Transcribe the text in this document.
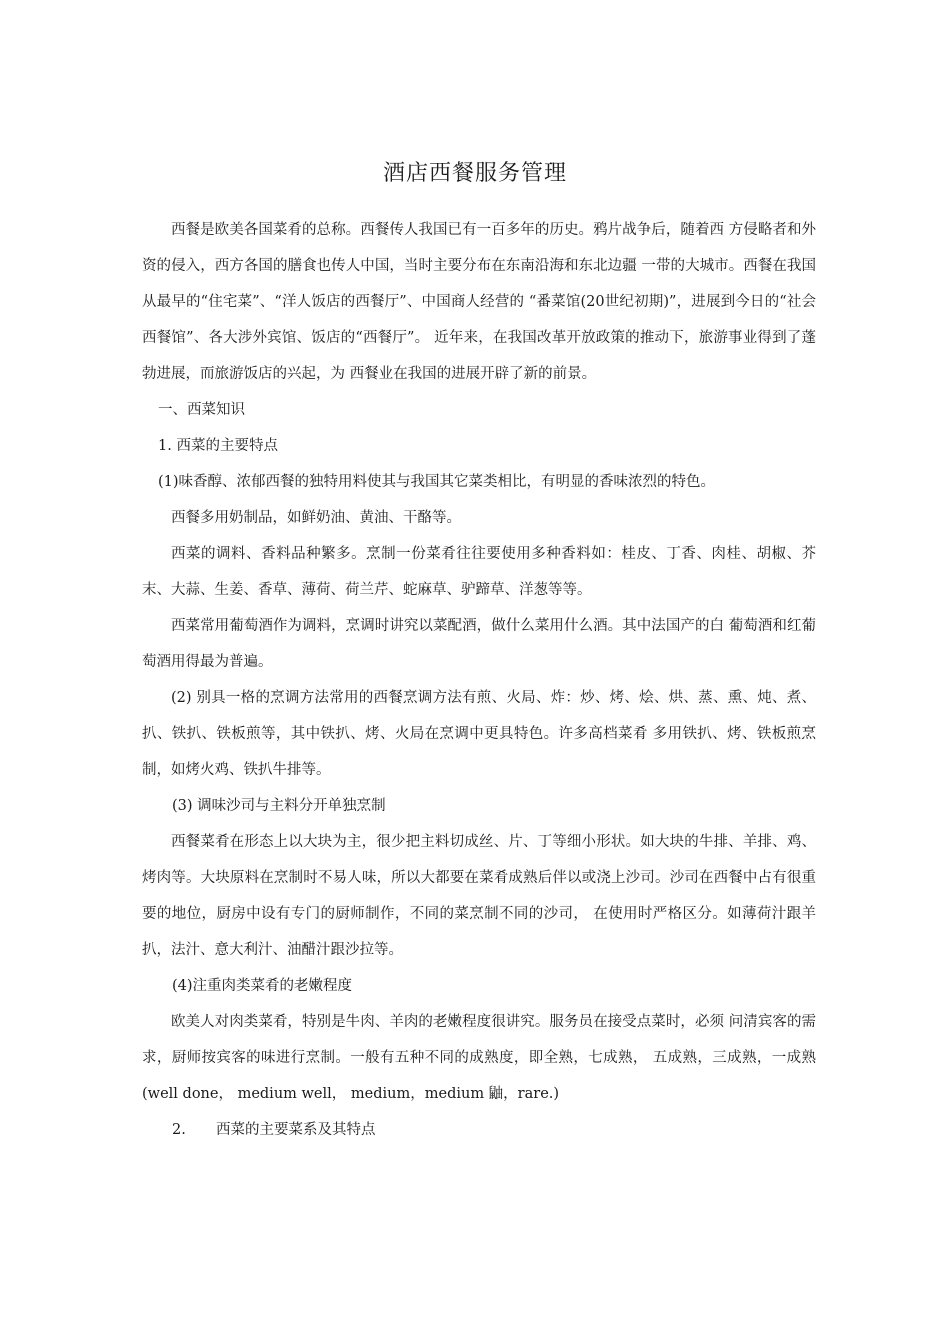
酒店西餐服务管理

西餐是欧美各国菜肴的总称。西餐传人我国已有一百多年的历史。鸦片战争后，随着西 方侵略者和外资的侵入，西方各国的膳食也传人中国，当时主要分布在东南沿海和东北边疆 一带的大城市。西餐在我国从最早的“住宅菜”、“洋人饭店的西餐厅”、中国商人经营的 “番菜馆(20世纪初期)”，进展到今日的“社会西餐馆”、各大涉外宾馆、饭店的“西餐厅”。 近年来，在我国改革开放政策的推动下，旅游事业得到了蓬勃进展，而旅游饭店的兴起，为 西餐业在我国的进展开辟了新的前景。

一、西菜知识

1. 西菜的主要特点

(1)味香醇、浓郁西餐的独特用料使其与我国其它菜类相比，有明显的香味浓烈的特色。

西餐多用奶制品，如鲜奶油、黄油、干酪等。

西菜的调料、香料品种繁多。烹制一份菜肴往往要使用多种香料如：桂皮、丁香、肉桂、胡椒、芥末、大蒜、生姜、香草、薄荷、荷兰芹、蛇麻草、驴蹄草、洋葱等等。

西菜常用葡萄酒作为调料，烹调时讲究以菜配酒，做什么菜用什么酒。其中法国产的白 葡萄酒和红葡萄酒用得最为普遍。

(2) 别具一格的烹调方法常用的西餐烹调方法有煎、火局、炸：炒、烤、烩、烘、蒸、熏、炖、煮、扒、铁扒、铁板煎等，其中铁扒、烤、火局在烹调中更具特色。许多高档菜肴 多用铁扒、烤、铁板煎烹制，如烤火鸡、铁扒牛排等。

(3) 调味沙司与主料分开单独烹制

西餐菜肴在形态上以大块为主，很少把主料切成丝、片、丁等细小形状。如大块的牛排、羊排、鸡、烤肉等。大块原料在烹制时不易人味，所以大都要在菜肴成熟后伴以或浇上沙司。沙司在西餐中占有很重要的地位，厨房中设有专门的厨师制作，不同的菜烹制不同的沙司， 在使用时严格区分。如薄荷汁跟羊扒，法汁、意大利汁、油醋汁跟沙拉等。

(4)注重肉类菜肴的老嫩程度

欧美人对肉类菜肴，特别是牛肉、羊肉的老嫩程度很讲究。服务员在接受点菜时，必须 问清宾客的需求，厨师按宾客的味进行烹制。一般有五种不同的成熟度，即全熟，七成熟， 五成熟，三成熟，一成熟(well done， medium well， medium，medium 鼬，rare.)

2. 西菜的主要菜系及其特点
